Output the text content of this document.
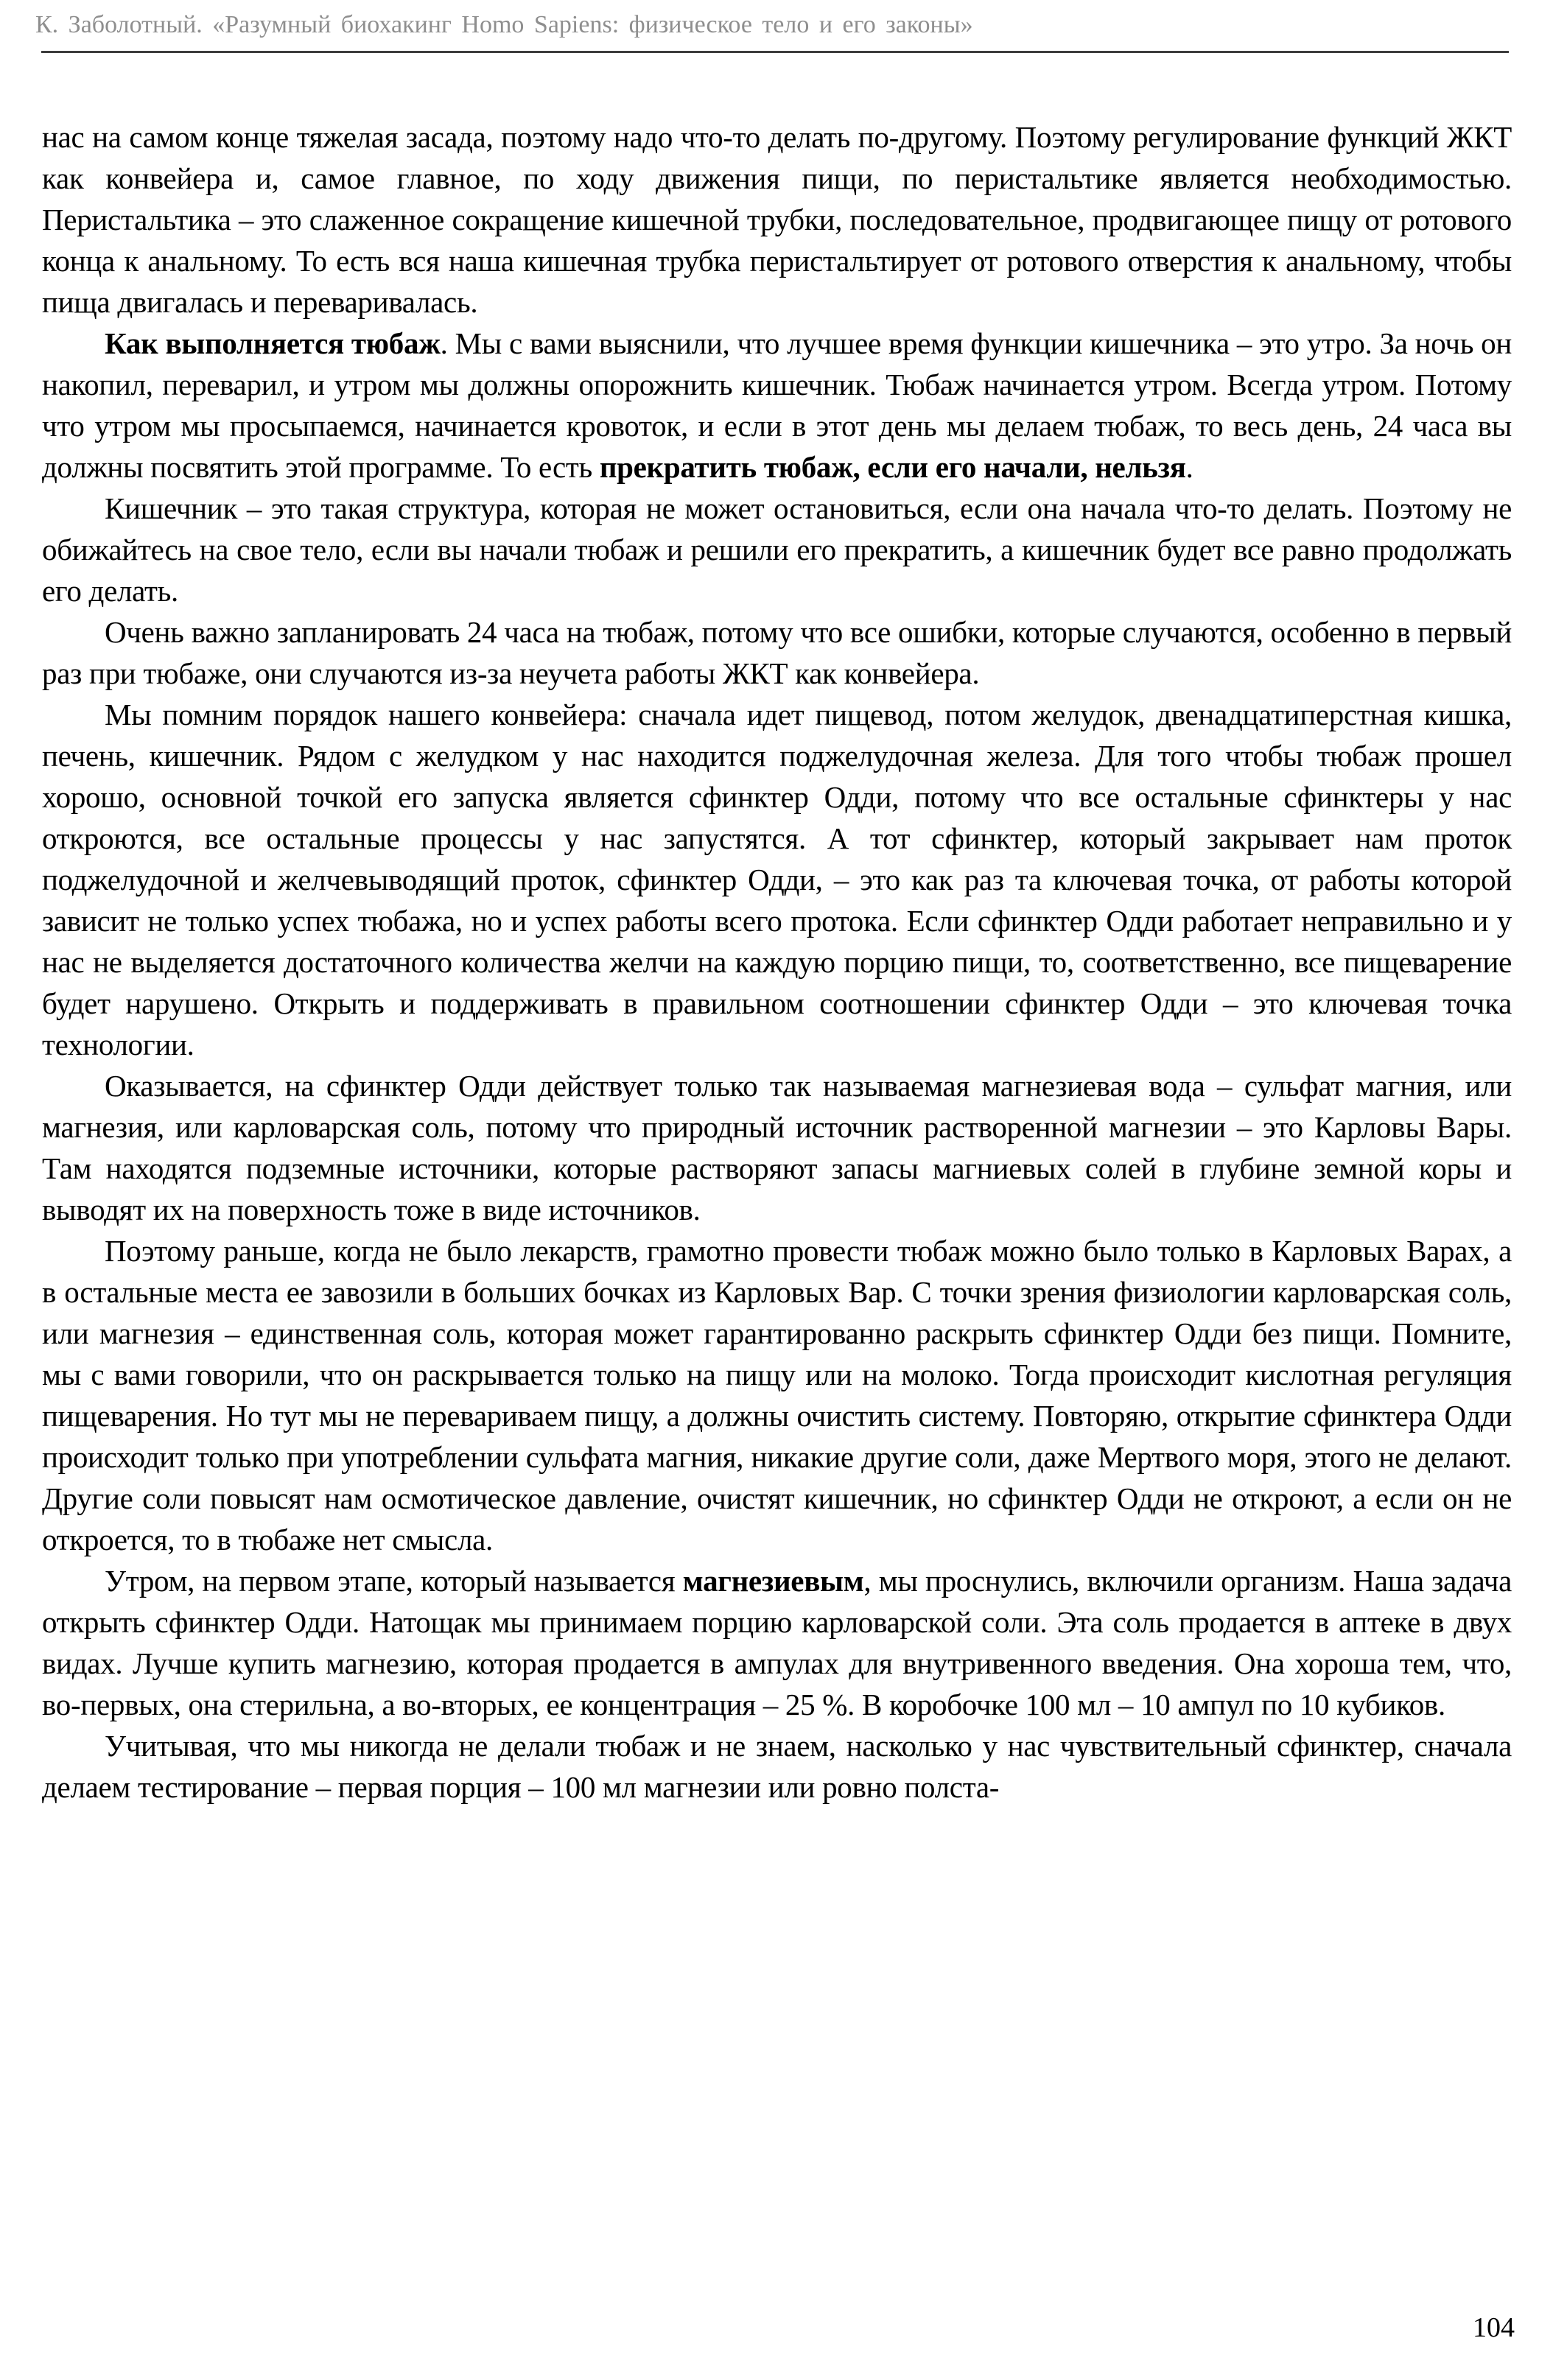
К. Заболотный. «Разумный биохакинг Homo Sapiens: физическое тело и его законы»

нас на самом конце тяжелая засада, поэтому надо что-то делать по-другому. Поэтому регулирование функций ЖКТ как конвейера и, самое главное, по ходу движения пищи, по перистальтике является необходимостью. Перистальтика – это слаженное сокращение кишечной трубки, последовательное, продвигающее пищу от ротового конца к анальному. То есть вся наша кишечная трубка перистальтирует от ротового отверстия к анальному, чтобы пища двигалась и переваривалась.

Как выполняется тюбаж. Мы с вами выяснили, что лучшее время функции кишечника – это утро. За ночь он накопил, переварил, и утром мы должны опорожнить кишечник. Тюбаж начинается утром. Всегда утром. Потому что утром мы просыпаемся, начинается кровоток, и если в этот день мы делаем тюбаж, то весь день, 24 часа вы должны посвятить этой программе. То есть прекратить тюбаж, если его начали, нельзя.

Кишечник – это такая структура, которая не может остановиться, если она начала что-то делать. Поэтому не обижайтесь на свое тело, если вы начали тюбаж и решили его прекратить, а кишечник будет все равно продолжать его делать.

Очень важно запланировать 24 часа на тюбаж, потому что все ошибки, которые случаются, особенно в первый раз при тюбаже, они случаются из-за неучета работы ЖКТ как конвейера.

Мы помним порядок нашего конвейера: сначала идет пищевод, потом желудок, двенадцатиперстная кишка, печень, кишечник. Рядом с желудком у нас находится поджелудочная железа. Для того чтобы тюбаж прошел хорошо, основной точкой его запуска является сфинктер Одди, потому что все остальные сфинктеры у нас откроются, все остальные процессы у нас запустятся. А тот сфинктер, который закрывает нам проток поджелудочной и желчевыводящий проток, сфинктер Одди, – это как раз та ключевая точка, от работы которой зависит не только успех тюбажа, но и успех работы всего протока. Если сфинктер Одди работает неправильно и у нас не выделяется достаточного количества желчи на каждую порцию пищи, то, соответственно, все пищеварение будет нарушено. Открыть и поддерживать в правильном соотношении сфинктер Одди – это ключевая точка технологии.

Оказывается, на сфинктер Одди действует только так называемая магнезиевая вода – сульфат магния, или магнезия, или карловарская соль, потому что природный источник растворенной магнезии – это Карловы Вары. Там находятся подземные источники, которые растворяют запасы магниевых солей в глубине земной коры и выводят их на поверхность тоже в виде источников.

Поэтому раньше, когда не было лекарств, грамотно провести тюбаж можно было только в Карловых Варах, а в остальные места ее завозили в больших бочках из Карловых Вар. С точки зрения физиологии карловарская соль, или магнезия – единственная соль, которая может гарантированно раскрыть сфинктер Одди без пищи. Помните, мы с вами говорили, что он раскрывается только на пищу или на молоко. Тогда происходит кислотная регуляция пищеварения. Но тут мы не перевариваем пищу, а должны очистить систему. Повторяю, открытие сфинктера Одди происходит только при употреблении сульфата магния, никакие другие соли, даже Мертвого моря, этого не делают. Другие соли повысят нам осмотическое давление, очистят кишечник, но сфинктер Одди не откроют, а если он не откроется, то в тюбаже нет смысла.

Утром, на первом этапе, который называется магнезиевым, мы проснулись, включили организм. Наша задача открыть сфинктер Одди. Натощак мы принимаем порцию карловарской соли. Эта соль продается в аптеке в двух видах. Лучше купить магнезию, которая продается в ампулах для внутривенного введения. Она хороша тем, что, во-первых, она стерильна, а во-вторых, ее концентрация – 25 %. В коробочке 100 мл – 10 ампул по 10 кубиков.

Учитывая, что мы никогда не делали тюбаж и не знаем, насколько у нас чувствительный сфинктер, сначала делаем тестирование – первая порция – 100 мл магнезии или ровно полста-

104
